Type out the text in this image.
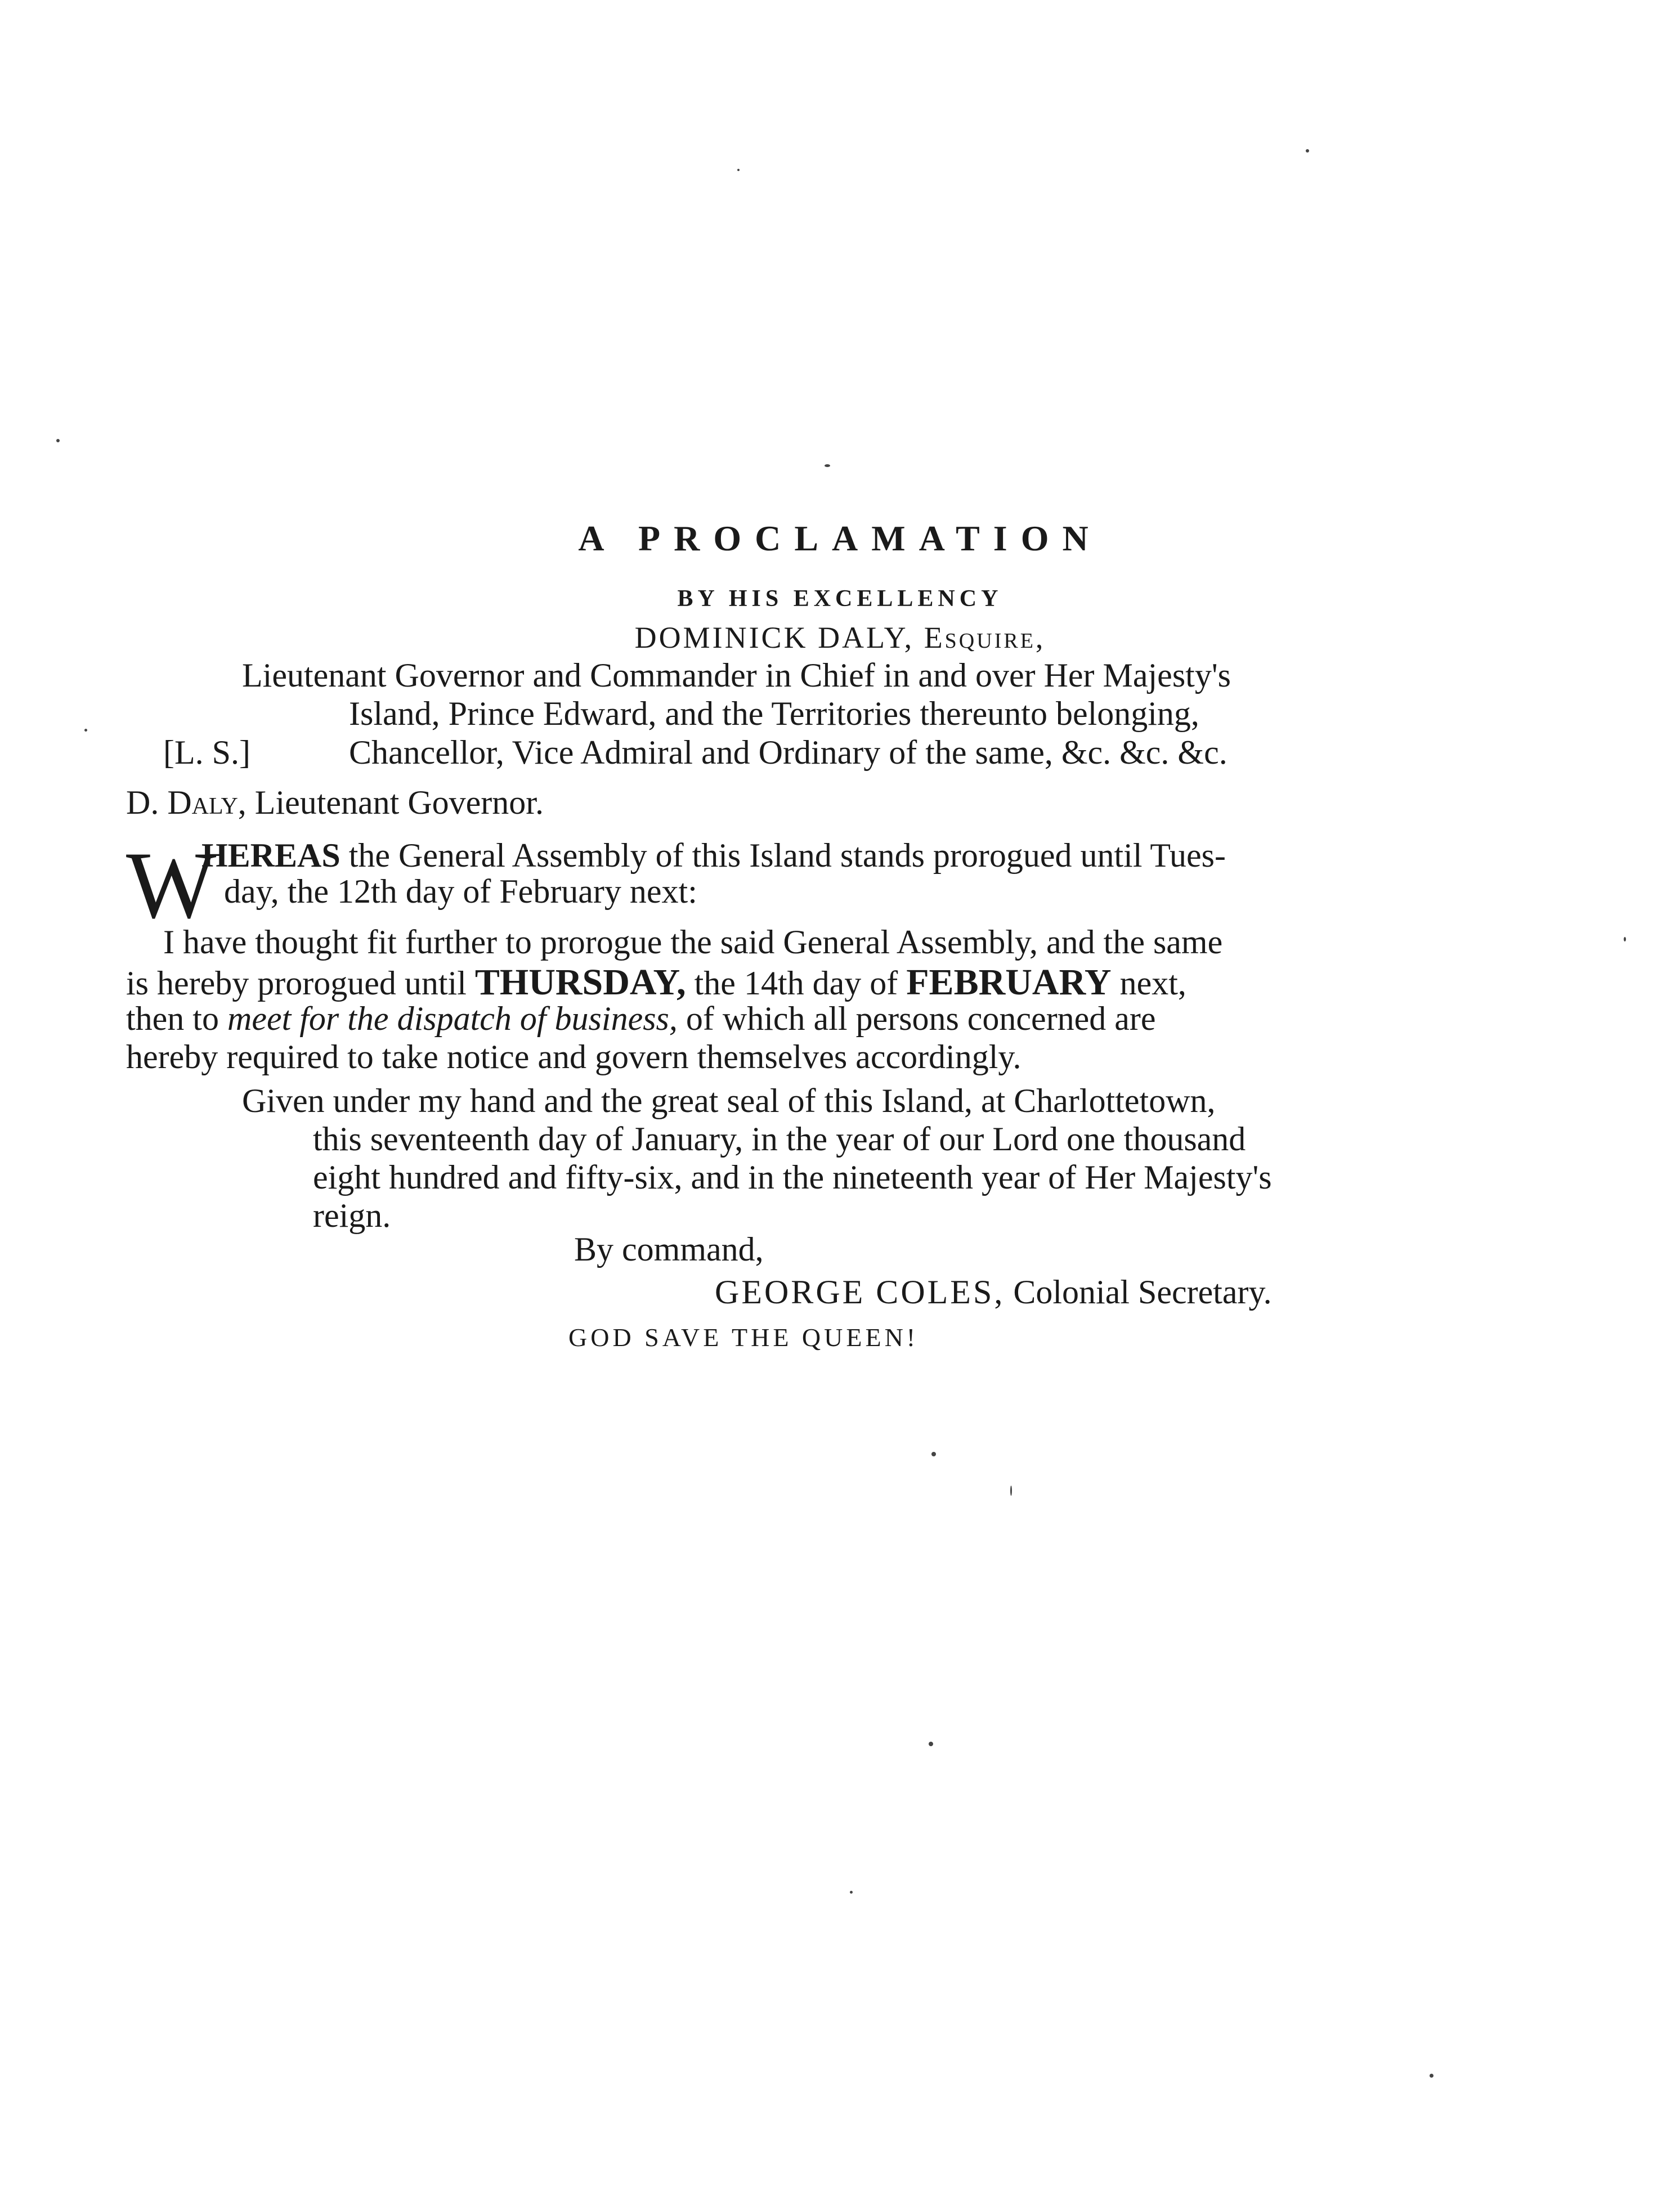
A PROCLAMATION
BY HIS EXCELLENCY
DOMINICK DALY, Esquire,
Lieutenant Governor and Commander in Chief in and over Her Majesty's
Island, Prince Edward, and the Territories thereunto belonging,
[L. S.]	Chancellor, Vice Admiral and Ordinary of the same, &c. &c. &c.
D. Daly, Lieutenant Governor.
W
HEREAS the General Assembly of this Island stands prorogued until Tues-
day, the 12th day of February next:
I have thought fit further to prorogue the said General Assembly, and the same
is hereby prorogued until THURSDAY, the 14th day of FEBRUARY next,
then to meet for the dispatch of business, of which all persons concerned are
hereby required to take notice and govern themselves accordingly.
Given under my hand and the great seal of this Island, at Charlottetown,
this seventeenth day of January, in the year of our Lord one thousand
eight hundred and fifty-six, and in the nineteenth year of Her Majesty's
reign.
By command,
GEORGE COLES, Colonial Secretary.
GOD SAVE THE QUEEN!
